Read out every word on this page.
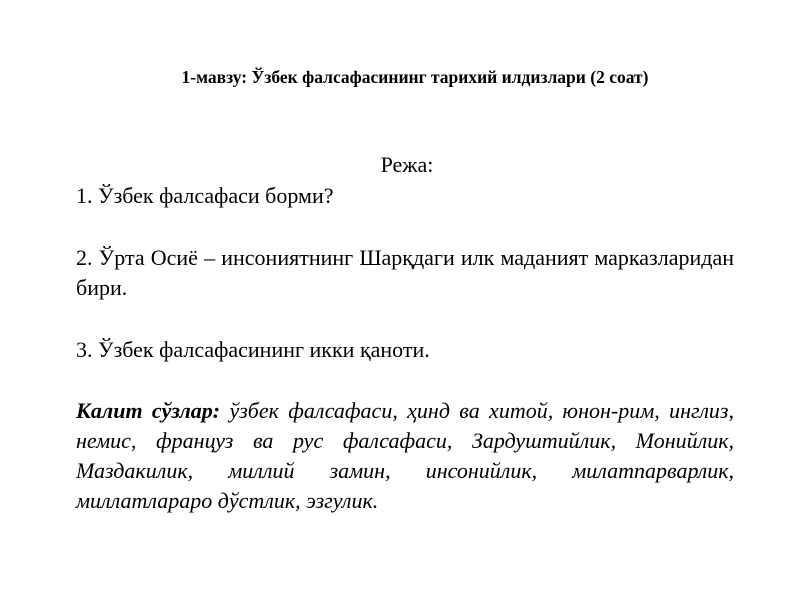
1-мавзу: Ўзбек фалсафасининг тарихий илдизлари (2 соат)
Режа:
1. Ўзбек фалсафаси борми?
2. Ўрта Осиё – инсониятнинг Шарқдаги илк маданият марказларидан бири.
3. Ўзбек фалсафасининг икки қаноти.
Калит сўзлар: ўзбек фалсафаси, ҳинд ва хитой, юнон-рим, инглиз, немис, француз ва рус фалсафаси, Зардуштийлик, Монийлик, Маздакилик, миллий замин, инсонийлик, милатпарварлик, миллатлараро дўстлик, эзгулик.
